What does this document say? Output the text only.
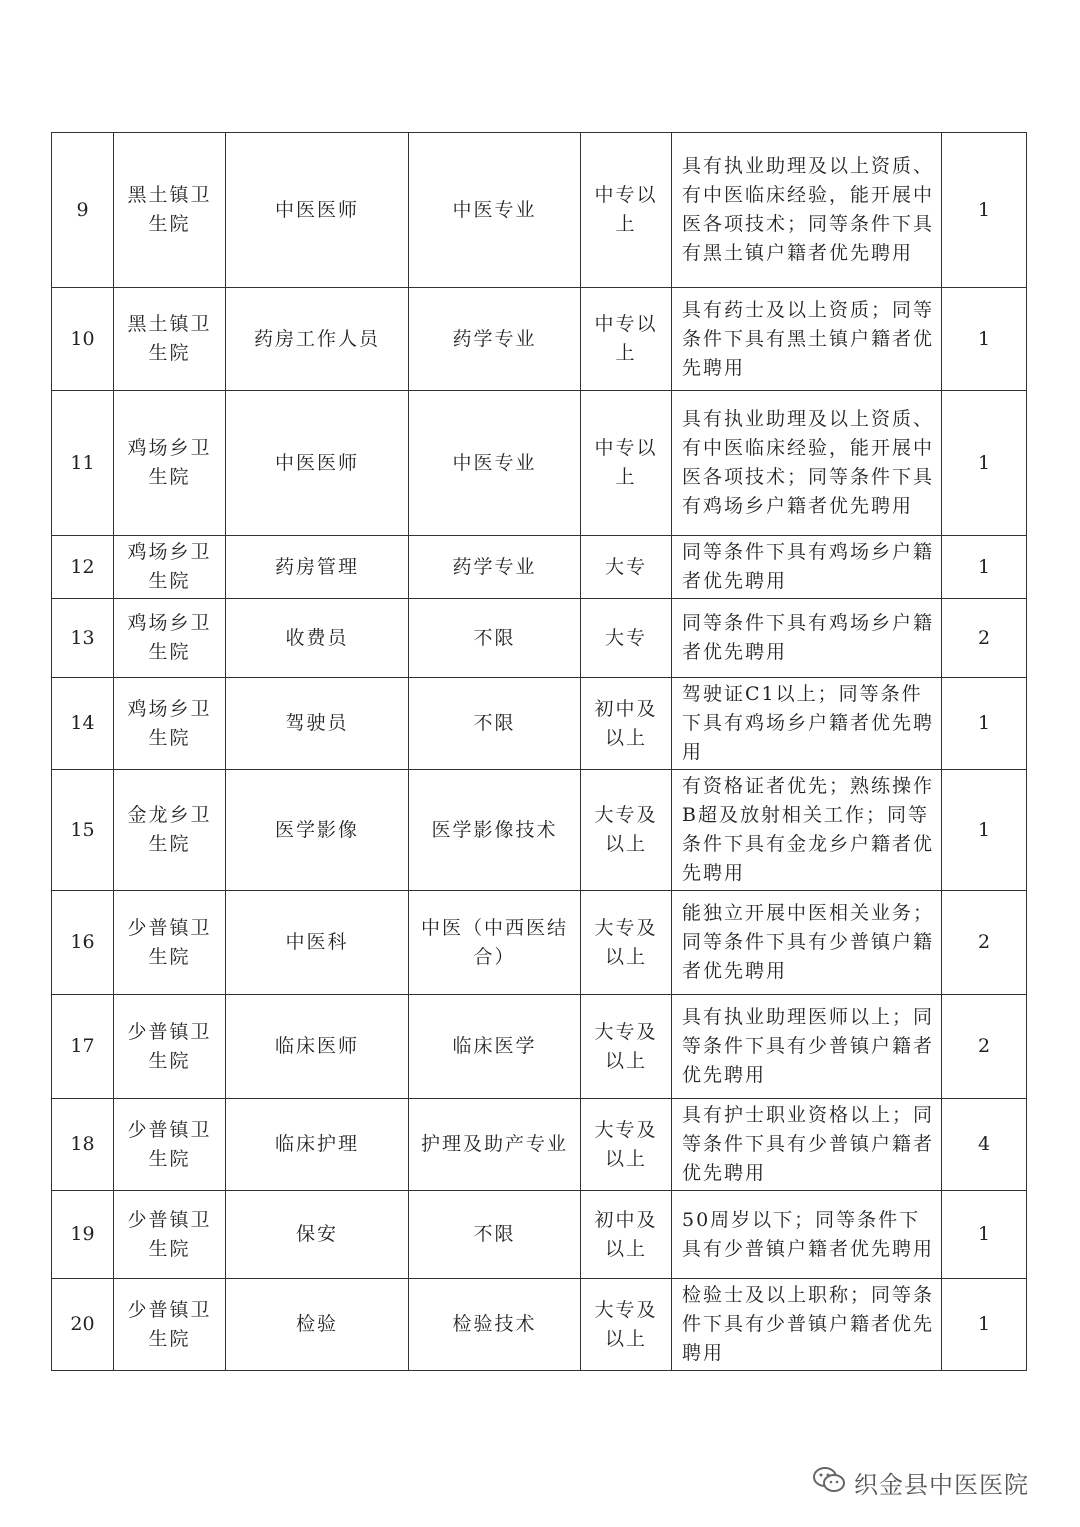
9	黑土镇卫生院	中医医师	中医专业	中专以上	具有执业助理及以上资质、有中医临床经验，能开展中医各项技术；同等条件下具有黑土镇户籍者优先聘用	1
10	黑土镇卫生院	药房工作人员	药学专业	中专以上	具有药士及以上资质；同等条件下具有黑土镇户籍者优先聘用	1
11	鸡场乡卫生院	中医医师	中医专业	中专以上	具有执业助理及以上资质、有中医临床经验，能开展中医各项技术；同等条件下具有鸡场乡户籍者优先聘用	1
12	鸡场乡卫生院	药房管理	药学专业	大专	同等条件下具有鸡场乡户籍者优先聘用	1
13	鸡场乡卫生院	收费员	不限	大专	同等条件下具有鸡场乡户籍者优先聘用	2
14	鸡场乡卫生院	驾驶员	不限	初中及以上	驾驶证C1以上；同等条件下具有鸡场乡户籍者优先聘用	1
15	金龙乡卫生院	医学影像	医学影像技术	大专及以上	有资格证者优先；熟练操作B超及放射相关工作；同等条件下具有金龙乡户籍者优先聘用	1
16	少普镇卫生院	中医科	中医（中西医结合）	大专及以上	能独立开展中医相关业务；同等条件下具有少普镇户籍者优先聘用	2
17	少普镇卫生院	临床医师	临床医学	大专及以上	具有执业助理医师以上；同等条件下具有少普镇户籍者优先聘用	2
18	少普镇卫生院	临床护理	护理及助产专业	大专及以上	具有护士职业资格以上；同等条件下具有少普镇户籍者优先聘用	4
19	少普镇卫生院	保安	不限	初中及以上	50周岁以下；同等条件下具有少普镇户籍者优先聘用	1
20	少普镇卫生院	检验	检验技术	大专及以上	检验士及以上职称；同等条件下具有少普镇户籍者优先聘用	1
织金县中医医院
